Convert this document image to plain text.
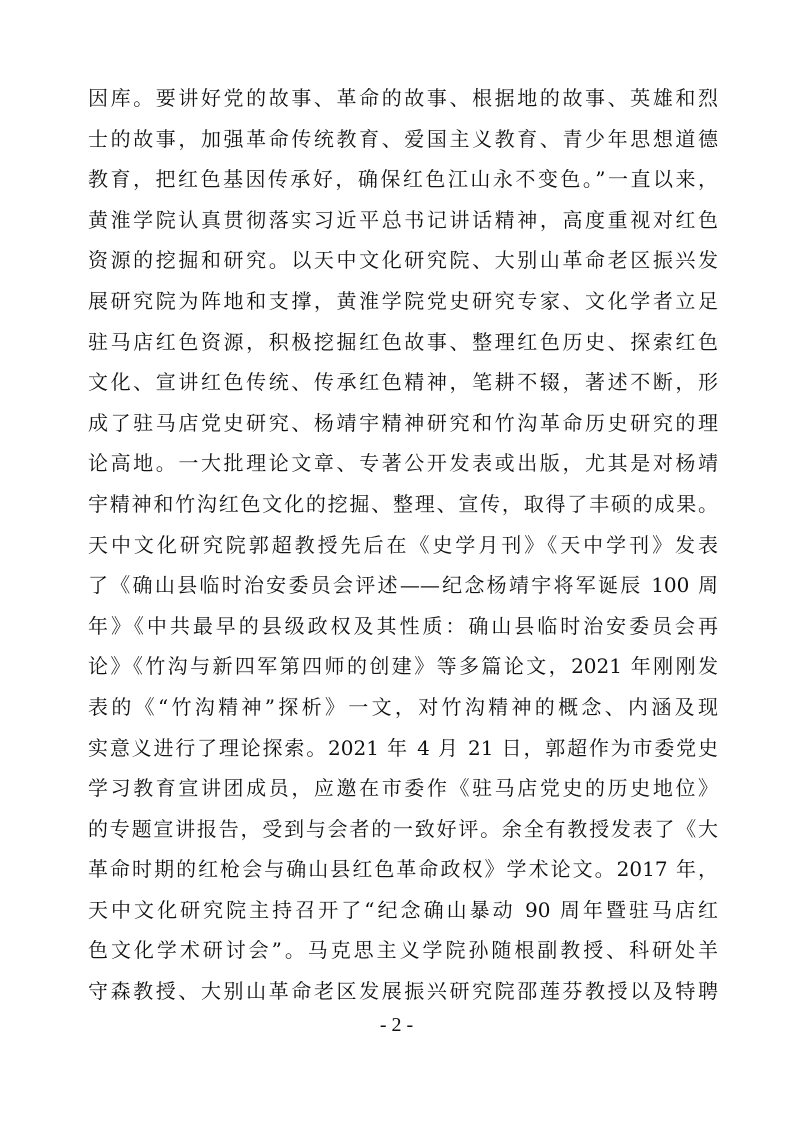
因库。要讲好党的故事、革命的故事、根据地的故事、英雄和烈
士的故事，加强革命传统教育、爱国主义教育、青少年思想道德
教育，把红色基因传承好，确保红色江山永不变色。”一直以来，
黄淮学院认真贯彻落实习近平总书记讲话精神，高度重视对红色
资源的挖掘和研究。以天中文化研究院、大别山革命老区振兴发
展研究院为阵地和支撑，黄淮学院党史研究专家、文化学者立足
驻马店红色资源，积极挖掘红色故事、整理红色历史、探索红色
文化、宣讲红色传统、传承红色精神，笔耕不辍，著述不断，形
成了驻马店党史研究、杨靖宇精神研究和竹沟革命历史研究的理
论高地。一大批理论文章、专著公开发表或出版，尤其是对杨靖
宇精神和竹沟红色文化的挖掘、整理、宣传，取得了丰硕的成果。
天中文化研究院郭超教授先后在《史学月刊》《天中学刊》发表
了《确山县临时治安委员会评述——纪念杨靖宇将军诞辰 100 周
年》《中共最早的县级政权及其性质：确山县临时治安委员会再
论》《竹沟与新四军第四师的创建》等多篇论文，2021 年刚刚发
表的《“竹沟精神”探析》一文，对竹沟精神的概念、内涵及现
实意义进行了理论探索。2021 年 4 月 21 日，郭超作为市委党史
学习教育宣讲团成员，应邀在市委作《驻马店党史的历史地位》
的专题宣讲报告，受到与会者的一致好评。余全有教授发表了《大
革命时期的红枪会与确山县红色革命政权》学术论文。2017 年，
天中文化研究院主持召开了“纪念确山暴动 90 周年暨驻马店红
色文化学术研讨会”。马克思主义学院孙随根副教授、科研处羊
守森教授、大别山革命老区发展振兴研究院邵莲芬教授以及特聘
- 2 -
